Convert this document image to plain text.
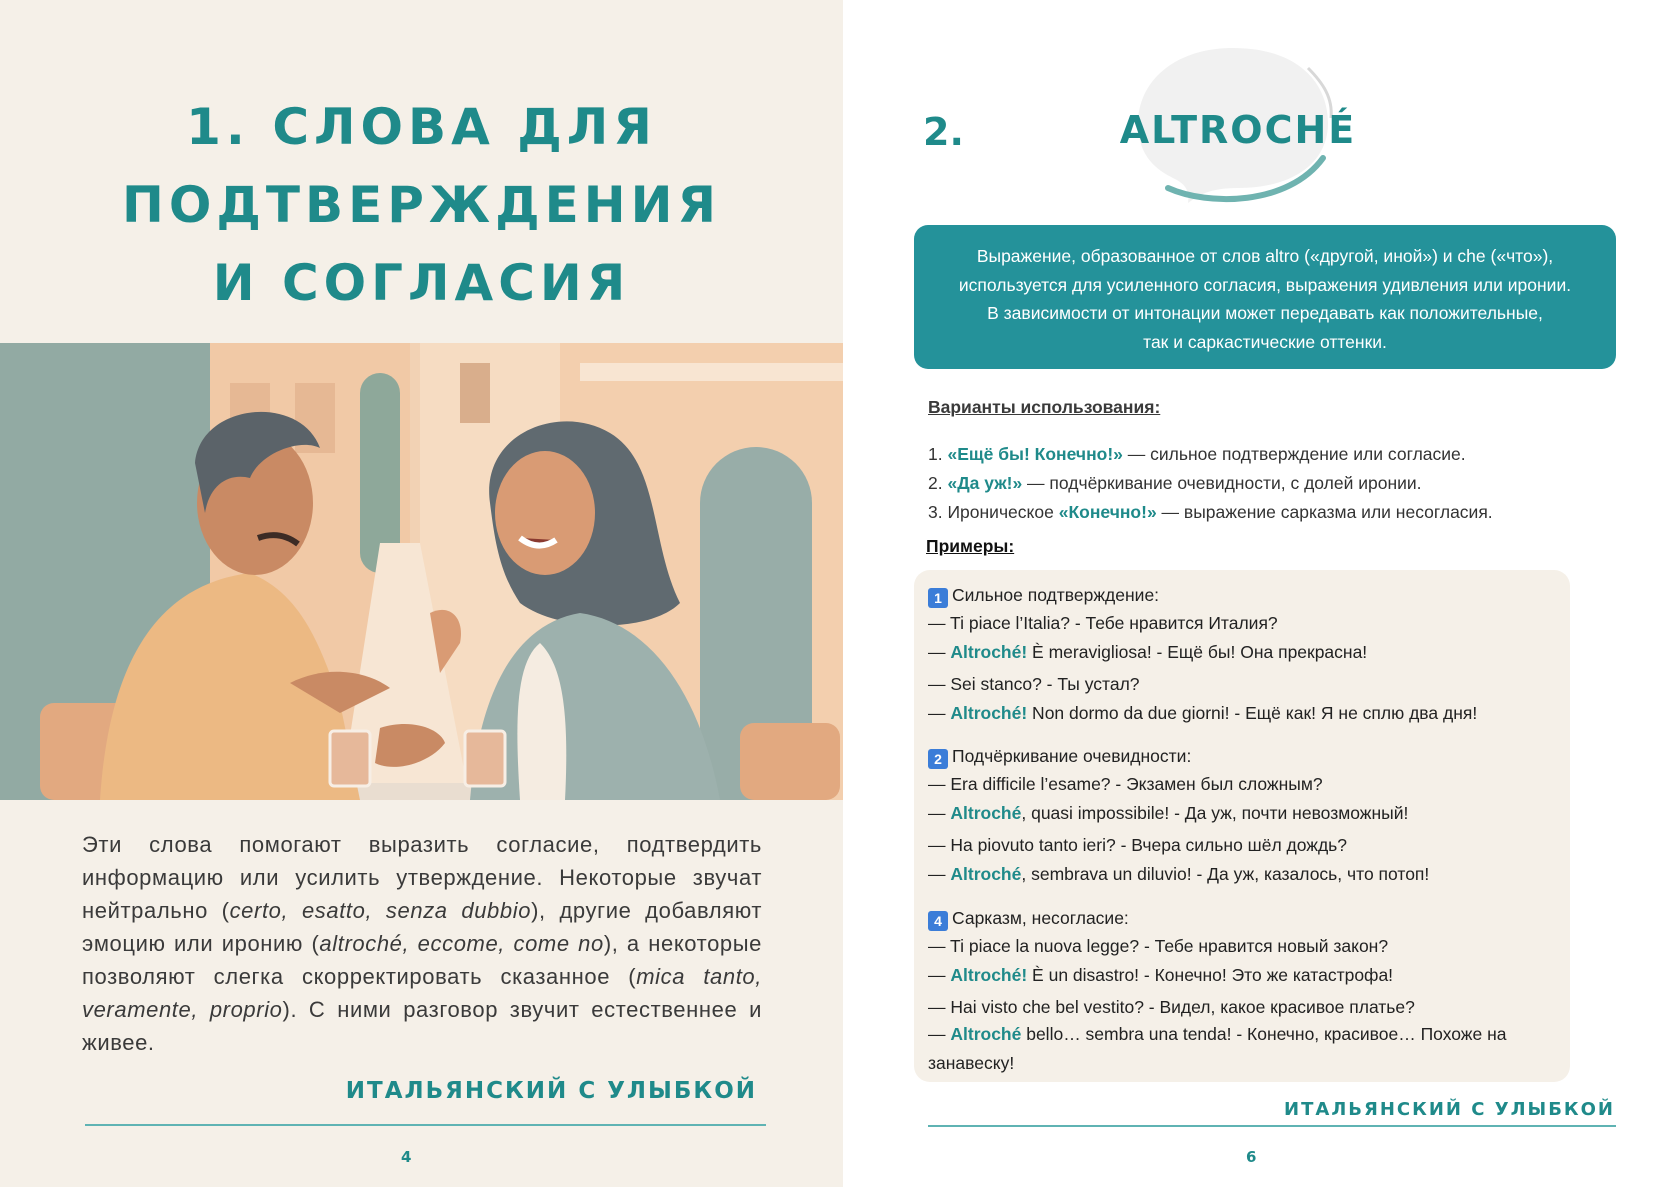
1. СЛОВА ДЛЯ
ПОДТВЕРЖДЕНИЯ
И СОГЛАСИЯ

Эти слова помогают выразить согласие, подтвердить информацию или усилить утверждение. Некоторые звучат нейтрально (certo, esatto, senza dubbio), другие добавляют эмоцию или иронию (altroché, eccome, come no), а некоторые позволяют слегка скорректировать сказанное (mica tanto, veramente, proprio). С ними разговор звучит естественнее и живее.

ИТАЛЬЯНСКИЙ С УЛЫБКОЙ
4
2.	ALTROCHÉ
Выражение, образованное от слов altro («другой, иной») и che («что»),
используется для усиленного согласия, выражения удивления или иронии.
В зависимости от интонации может передавать как положительные,
так и саркастические оттенки.
Варианты использования:
1. «Ещё бы! Конечно!» — сильное подтверждение или согласие.
2. «Да уж!» — подчёркивание очевидности, с долей иронии.
3. Ироническое «Конечно!» — выражение сарказма или несогласия.
Примеры:
1 Сильное подтверждение:
— Ti piace l’Italia? - Тебе нравится Италия?
— Altroché! È meravigliosa! - Ещё бы! Она прекрасна!
— Sei stanco? - Ты устал?
— Altroché! Non dormo da due giorni! - Ещё как! Я не сплю два дня!
2 Подчёркивание очевидности:
— Era difficile l’esame? - Экзамен был сложным?
— Altroché, quasi impossibile! - Да уж, почти невозможный!
— Ha piovuto tanto ieri? - Вчера сильно шёл дождь?
— Altroché, sembrava un diluvio! - Да уж, казалось, что потоп!
4 Сарказм, несогласие:
— Ti piace la nuova legge? - Тебе нравится новый закон?
— Altroché! È un disastro! - Конечно! Это же катастрофа!
— Hai visto che bel vestito? - Видел, какое красивое платье?
— Altroché bello… sembra una tenda! - Конечно, красивое… Похоже на занавеску!
ИТАЛЬЯНСКИЙ С УЛЫБКОЙ
6
